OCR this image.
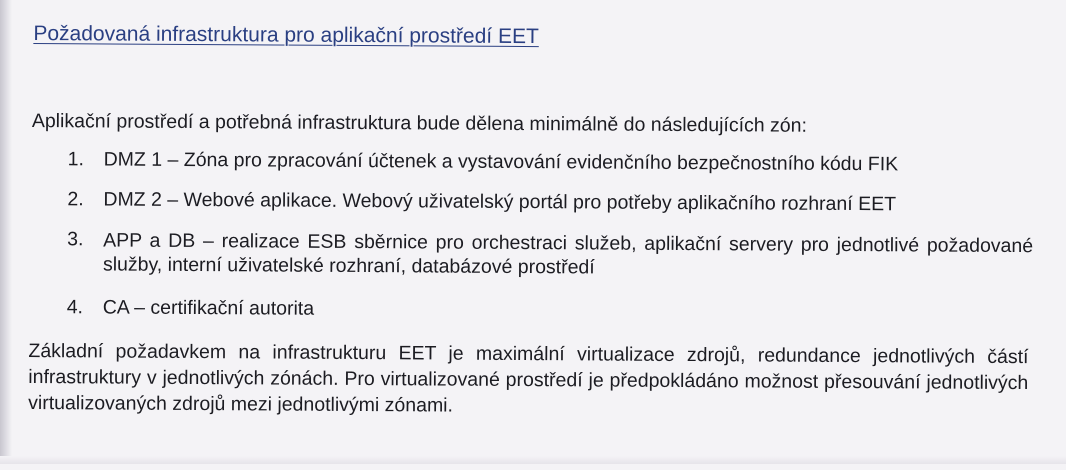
Požadovaná infrastruktura pro aplikační prostředí EET
Aplikační prostředí a potřebná infrastruktura bude dělena minimálně do následujících zón:
1. DMZ 1 – Zóna pro zpracování účtenek a vystavování evidenčního bezpečnostního kódu FIK
2. DMZ 2 – Webové aplikace. Webový uživatelský portál pro potřeby aplikačního rozhraní EET
3. APP a DB – realizace ESB sběrnice pro orchestraci služeb, aplikační servery pro jednotlivé požadované služby, interní uživatelské rozhraní, databázové prostředí
4. CA – certifikační autorita
Základní požadavkem na infrastrukturu EET je maximální virtualizace zdrojů, redundance jednotlivých částí infrastruktury v jednotlivých zónách. Pro virtualizované prostředí je předpokládáno možnost přesouvání jednotlivých virtualizovaných zdrojů mezi jednotlivými zónami.
